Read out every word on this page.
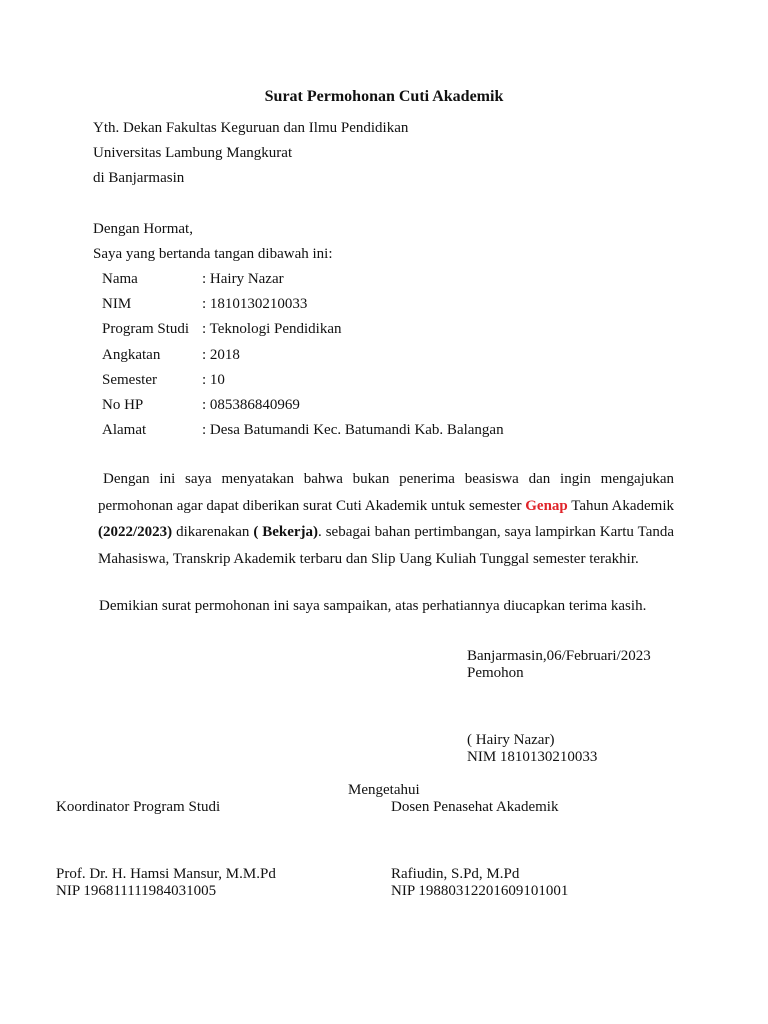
Surat Permohonan Cuti Akademik
Yth. Dekan Fakultas Keguruan dan Ilmu Pendidikan
Universitas Lambung Mangkurat
di Banjarmasin
Dengan Hormat,
Saya yang bertanda tangan dibawah ini:
Nama	: Hairy Nazar
NIM	: 1810130210033
Program Studi : Teknologi Pendidikan
Angkatan	: 2018
Semester	: 10
No HP	: 085386840969
Alamat	: Desa Batumandi Kec. Batumandi Kab. Balangan
Dengan ini saya menyatakan bahwa bukan penerima beasiswa dan ingin mengajukan permohonan agar dapat diberikan surat Cuti Akademik untuk semester Genap Tahun Akademik (2022/2023) dikarenakan ( Bekerja). sebagai bahan pertimbangan, saya lampirkan Kartu Tanda Mahasiswa, Transkrip Akademik terbaru dan Slip Uang Kuliah Tunggal semester terakhir.
Demikian surat permohonan ini saya sampaikan, atas perhatiannya diucapkan terima kasih.
Banjarmasin,06/Februari/2023
Pemohon
( Hairy Nazar)
NIM 1810130210033
Mengetahui
Koordinator Program Studi	Dosen Penasehat Akademik
Prof. Dr. H. Hamsi Mansur, M.M.Pd	Rafiudin, S.Pd, M.Pd
NIP 196811111984031005	NIP 19880312201609101001
